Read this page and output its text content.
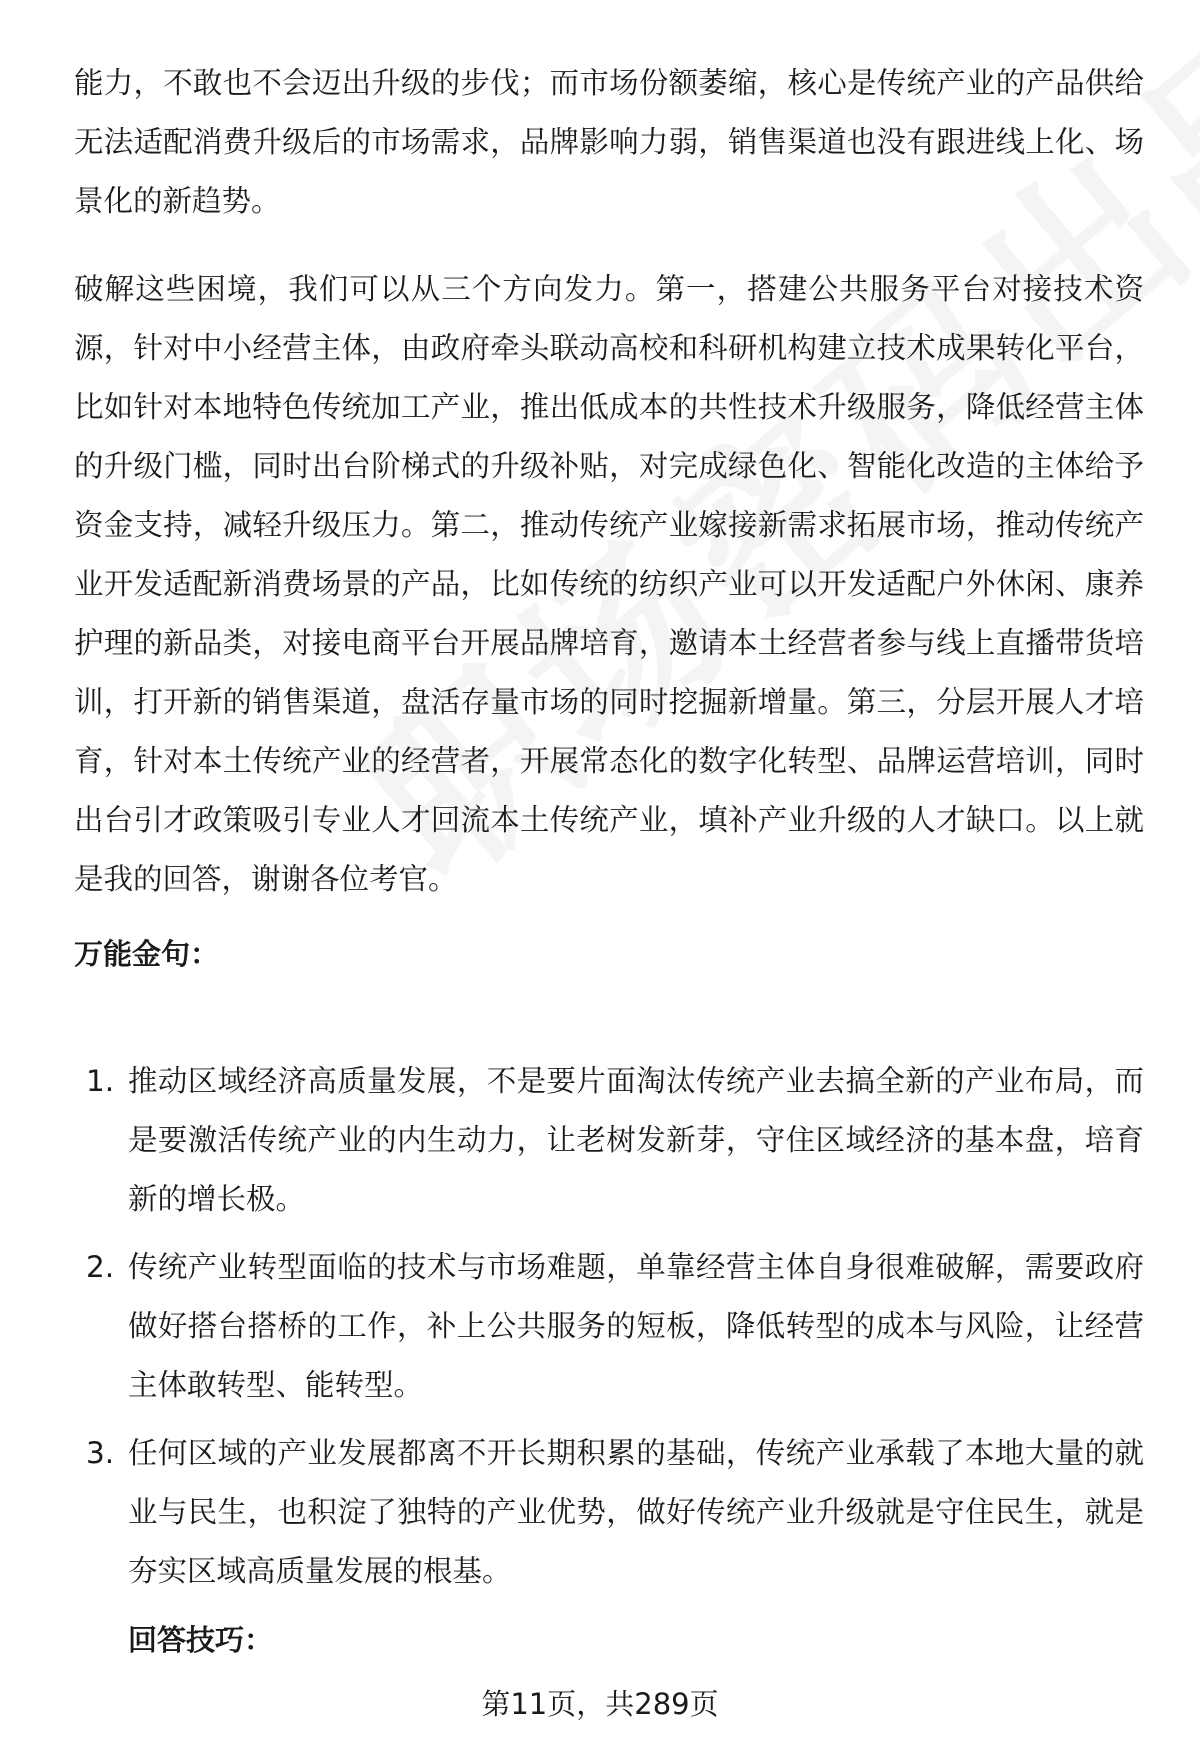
能力，不敢也不会迈出升级的步伐；而市场份额萎缩，核心是传统产业的产品供给无法适配消费升级后的市场需求，品牌影响力弱，销售渠道也没有跟进线上化、场景化的新趋势。
破解这些困境，我们可以从三个方向发力。第一，搭建公共服务平台对接技术资源，针对中小经营主体，由政府牵头联动高校和科研机构建立技术成果转化平台，比如针对本地特色传统加工产业，推出低成本的共性技术升级服务，降低经营主体的升级门槛，同时出台阶梯式的升级补贴，对完成绿色化、智能化改造的主体给予资金支持，减轻升级压力。第二，推动传统产业嫁接新需求拓展市场，推动传统产业开发适配新消费场景的产品，比如传统的纺织产业可以开发适配户外休闲、康养护理的新品类，对接电商平台开展品牌培育，邀请本土经营者参与线上直播带货培训，打开新的销售渠道，盘活存量市场的同时挖掘新增量。第三，分层开展人才培育，针对本土传统产业的经营者，开展常态化的数字化转型、品牌运营培训，同时出台引才政策吸引专业人才回流本土传统产业，填补产业升级的人才缺口。以上就是我的回答，谢谢各位考官。
万能金句：
1. 推动区域经济高质量发展，不是要片面淘汰传统产业去搞全新的产业布局，而是要激活传统产业的内生动力，让老树发新芽，守住区域经济的基本盘，培育新的增长极。
2. 传统产业转型面临的技术与市场难题，单靠经营主体自身很难破解，需要政府做好搭台搭桥的工作，补上公共服务的短板，降低转型的成本与风险，让经营主体敢转型、能转型。
3. 任何区域的产业发展都离不开长期积累的基础，传统产业承载了本地大量的就业与民生，也积淀了独特的产业优势，做好传统产业升级就是守住民生，就是夯实区域高质量发展的根基。
回答技巧：
第11页，共289页
